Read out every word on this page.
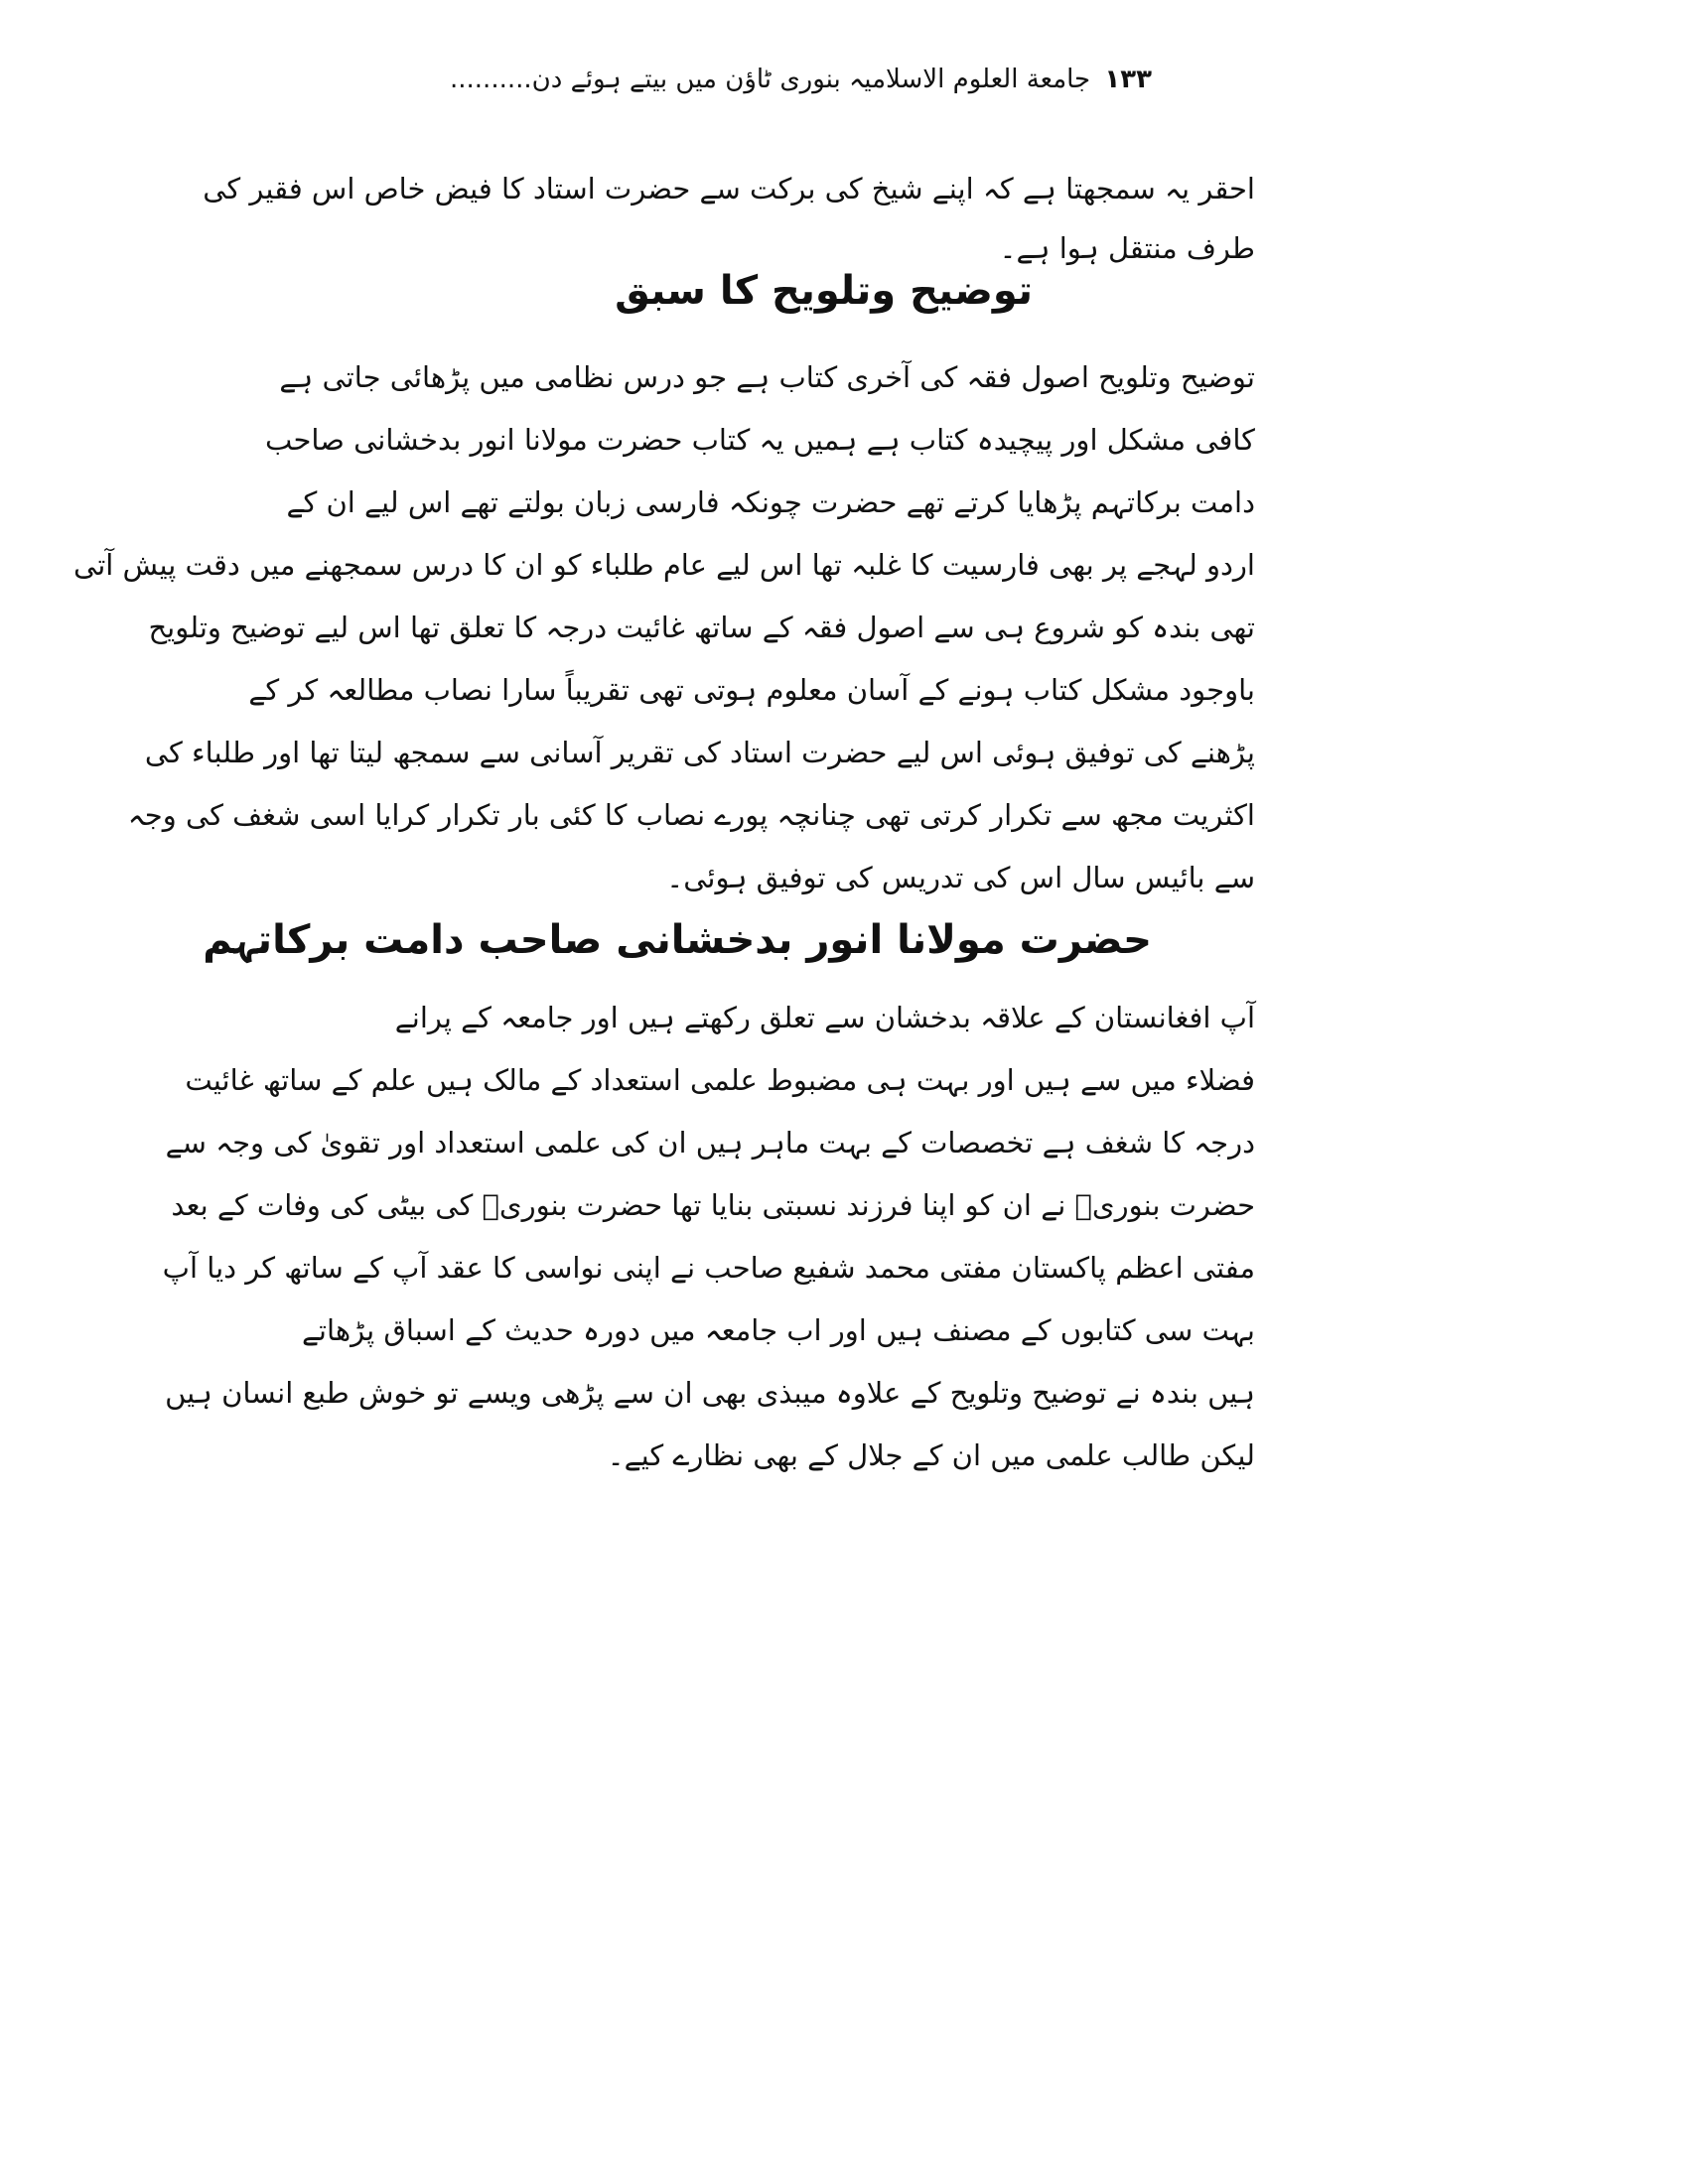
۱۳۳ جامعة العلوم الاسلامیہ بنوری ٹاؤن میں بیتے ہوئے دن..........
احقر یہ سمجھتا ہے کہ اپنے شیخ کی برکت سے حضرت استاد کا فیض خاص اس فقیر کی
طرف منتقل ہوا ہے۔
توضیح وتلویح کا سبق
توضیح وتلویح اصول فقہ کی آخری کتاب ہے جو درس نظامی میں پڑھائی جاتی ہے
کافی مشکل اور پیچیدہ کتاب ہے ہمیں یہ کتاب حضرت مولانا انور بدخشانی صاحب
دامت برکاتہم پڑھایا کرتے تھے حضرت چونکہ فارسی زبان بولتے تھے اس لیے ان کے
اردو لہجے پر بھی فارسیت کا غلبہ تھا اس لیے عام طلباء کو ان کا درس سمجھنے میں دقت پیش آتی
تھی بندہ کو شروع ہی سے اصول فقہ کے ساتھ غائیت درجہ کا تعلق تھا اس لیے توضیح وتلویح
باوجود مشکل کتاب ہونے کے آسان معلوم ہوتی تھی تقریباً سارا نصاب مطالعہ کر کے
پڑھنے کی توفیق ہوئی اس لیے حضرت استاد کی تقریر آسانی سے سمجھ لیتا تھا اور طلباء کی
اکثریت مجھ سے تکرار کرتی تھی چنانچہ پورے نصاب کا کئی بار تکرار کرایا اسی شغف کی وجہ
سے بائیس سال اس کی تدریس کی توفیق ہوئی۔
حضرت مولانا انور بدخشانی صاحب دامت برکاتہم
آپ افغانستان کے علاقہ بدخشان سے تعلق رکھتے ہیں اور جامعہ کے پرانے
فضلاء میں سے ہیں اور بہت ہی مضبوط علمی استعداد کے مالک ہیں علم کے ساتھ غائیت
درجہ کا شغف ہے تخصصات کے بہت ماہر ہیں ان کی علمی استعداد اور تقویٰ کی وجہ سے
حضرت بنوریؒ نے ان کو اپنا فرزند نسبتی بنایا تھا حضرت بنوریؒ کی بیٹی کی وفات کے بعد
مفتی اعظم پاکستان مفتی محمد شفیع صاحب نے اپنی نواسی کا عقد آپ کے ساتھ کر دیا آپ
بہت سی کتابوں کے مصنف ہیں اور اب جامعہ میں دورہ حدیث کے اسباق پڑھاتے
ہیں بندہ نے توضیح وتلویح کے علاوہ میبذی بھی ان سے پڑھی ویسے تو خوش طبع انسان ہیں
لیکن طالب علمی میں ان کے جلال کے بھی نظارے کیے۔
